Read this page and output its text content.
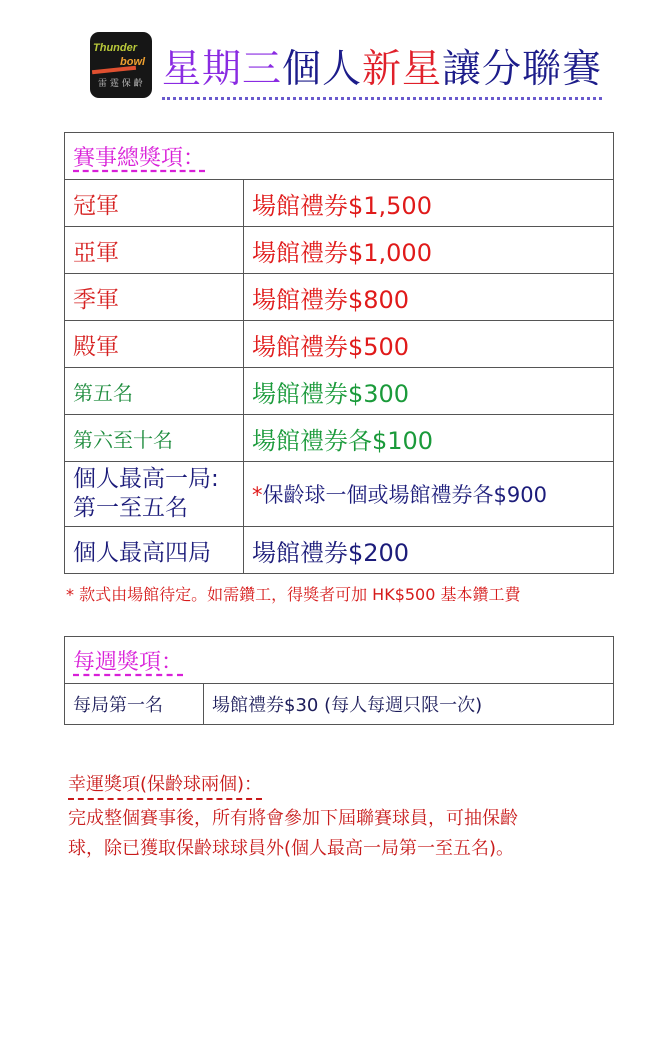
Thunder
bowl
雷 霆 保 齡 星期三個人新星讓分聯賽
賽事總獎項：	
冠軍	場館禮券$1,500
亞軍	場館禮券$1,000
季軍	場館禮券$800
殿軍	場館禮券$500
第五名	場館禮券$300
第六至十名	場館禮券各$100

個人最高一局:
第一至五名	*保齡球一個或場館禮券各$900
個人最高四局	場館禮券$200
* 款式由場館待定。如需鑽工，得獎者可加 HK$500 基本鑽工費
每週獎項：
每局第一名	場館禮券$30 (每人每週只限一次)
幸運獎項(保齡球兩個)：
完成整個賽事後，所有將會參加下屆聯賽球員，可抽保齡
球，除已獲取保齡球球員外(個人最高一局第一至五名)。
